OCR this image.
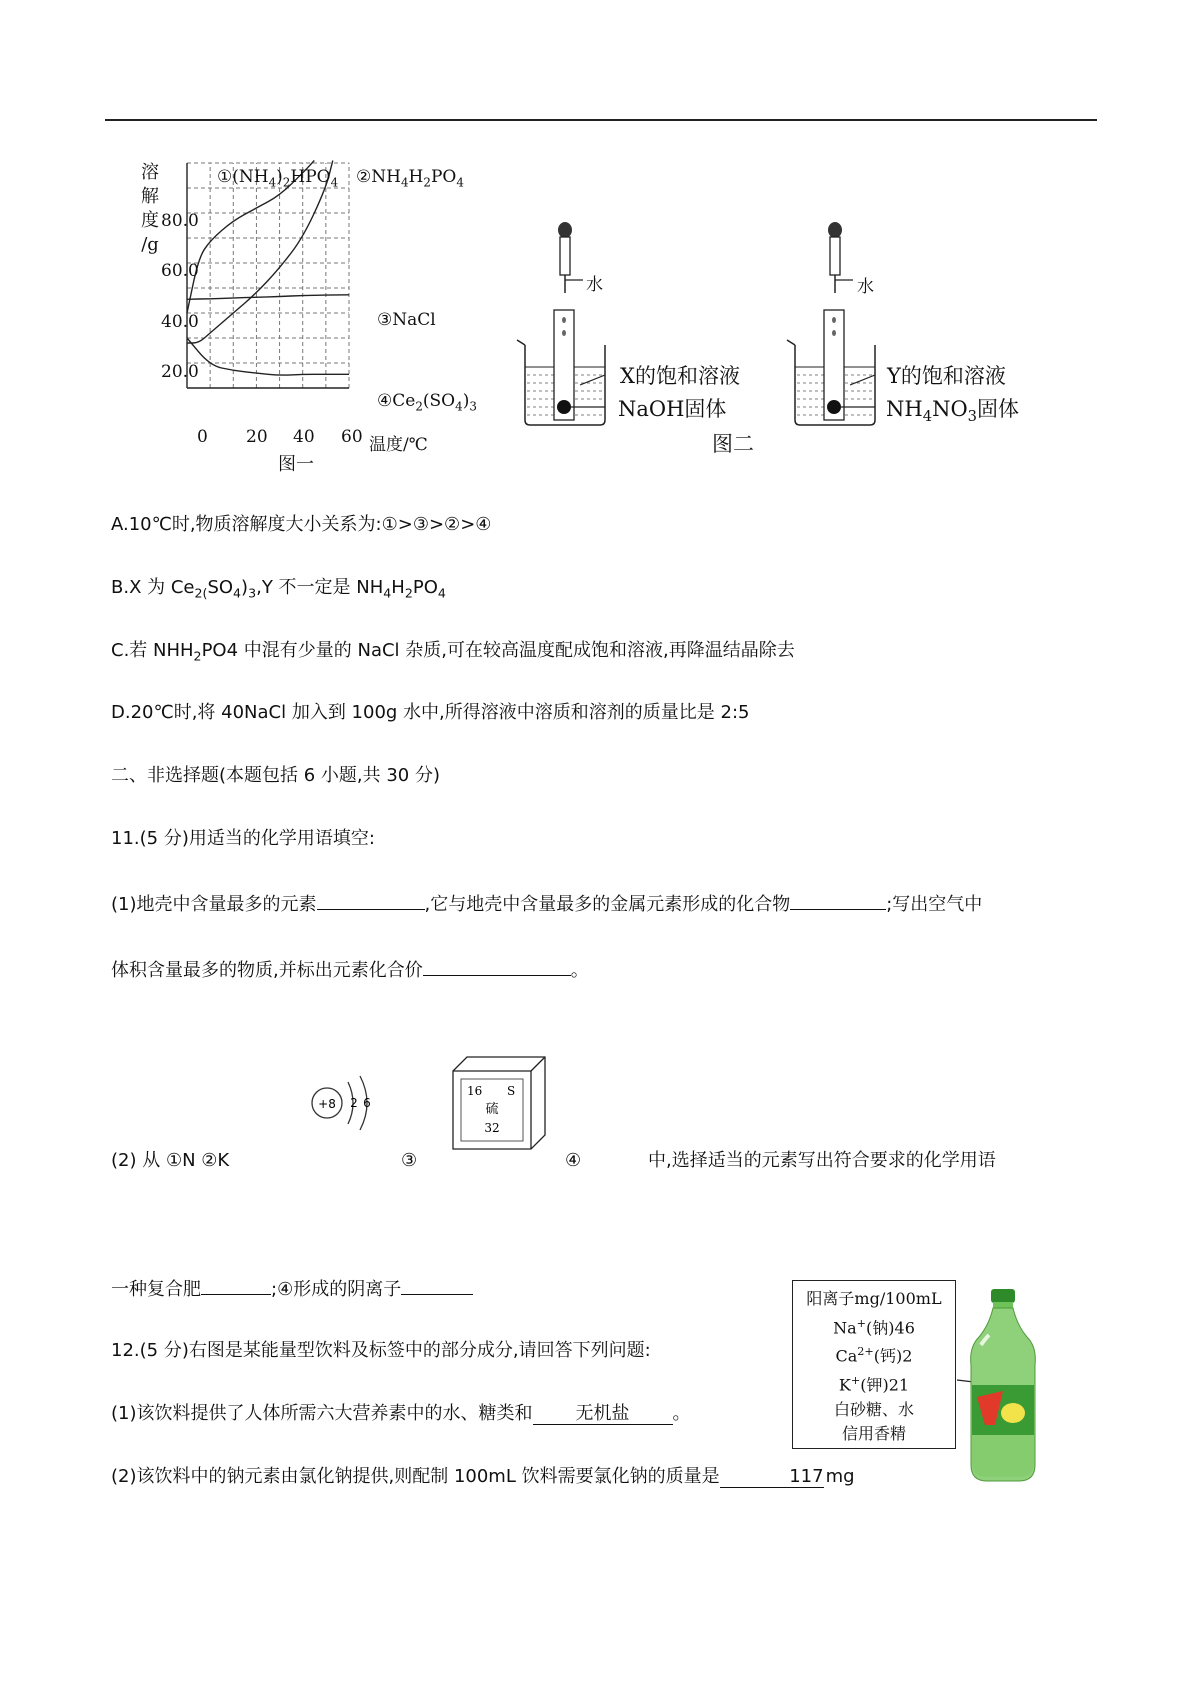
溶
解
度
/g
80.0
60.0
40.0
20.0
0 20 40 60 温度/℃
图一
$①(NH_4)_2HPO_4$ $②NH_4H_2PO_4$
③NaCl
$④Ce_2(SO_4)_3$
水	水
X的饱和溶液
NaOH固体
Y的饱和溶液
$NH_4NO_3$固体
图二
A.10℃时,物质溶解度大小关系为:①>③>②>④
B.X 为 $Ce_{2(}SO_4)_3,Y$ 不一定是 $NH_4H_2PO_4$
C.若 $NHH_2PO4$ 中混有少量的 NaCl 杂质,可在较高温度配成饱和溶液,再降温结晶除去
D.20℃时,将 40NaCl 加入到 100g 水中,所得溶液中溶质和溶剂的质量比是 2:5
二、非选择题(本题包括 6 小题,共 30 分)
11.(5 分)用适当的化学用语填空:
(1)地壳中含量最多的元素	,它与地壳中含量最多的金属元素形成的化合物	;写出空气中
体积含量最多的物质,并标出元素化合价	。
+8 2 6
16 S
硫
32
(2) 从 ①N ②K	③	④	中,选择适当的元素写出符合要求的化学用语
一种复合肥	;④形成的阴离子
12.(5 分)右图是某能量型饮料及标签中的部分成分,请回答下列问题:
(1)该饮料提供了人体所需六大营养素中的水、糖类和 无机盐 。
(2)该饮料中的钠元素由氯化钠提供,则配制 100mL 饮料需要氯化钠的质量是	117 mg
阳离子mg/100mL
Na+(钠)46
$Ca^{2+}$(钙)2
K+(钾)21
白砂糖、水
信用香精
